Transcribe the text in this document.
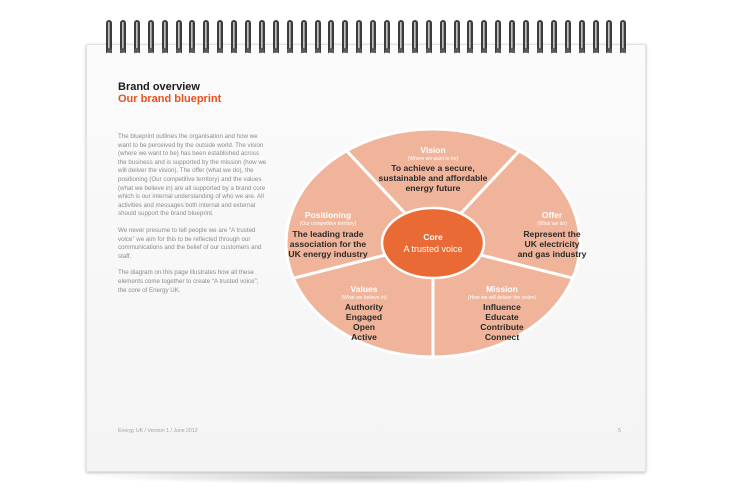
Brand overview
Our brand blueprint

The blueprint outlines the organisation and how we want to be perceived by the outside world. The vision (where we want to be) has been established across the business and is supported by the mission (how we will deliver the vision). The offer (what we do), the positioning (Our competitive territory) and the values (what we believe in) are all supported by a brand core which is our internal understanding of who we are. All activities and messages both internal and external should support the brand blueprint.

We never presume to tell people we are “A trusted voice” we aim for this to be reflected through our communications and the belief of our customers and staff.

The diagram on this page illustrates how all these elements come together to create “A trusted voice”; the core of Energy UK.

Vision
(Where we want to be)
To achieve a secure,
sustainable and affordable
energy future
Offer
(What we do)
Represent the
UK electricity
and gas industry
Mission
(How we will deliver the vision)
Influence
Educate
Contribute
Connect
Values
(What we believe in)
Authority
Engaged
Open
Active
Positioning
(Our competitive territory)
The leading trade
association for the
UK energy industry
Core
A trusted voice
Energy UK / Version 1 / June 2012	5
